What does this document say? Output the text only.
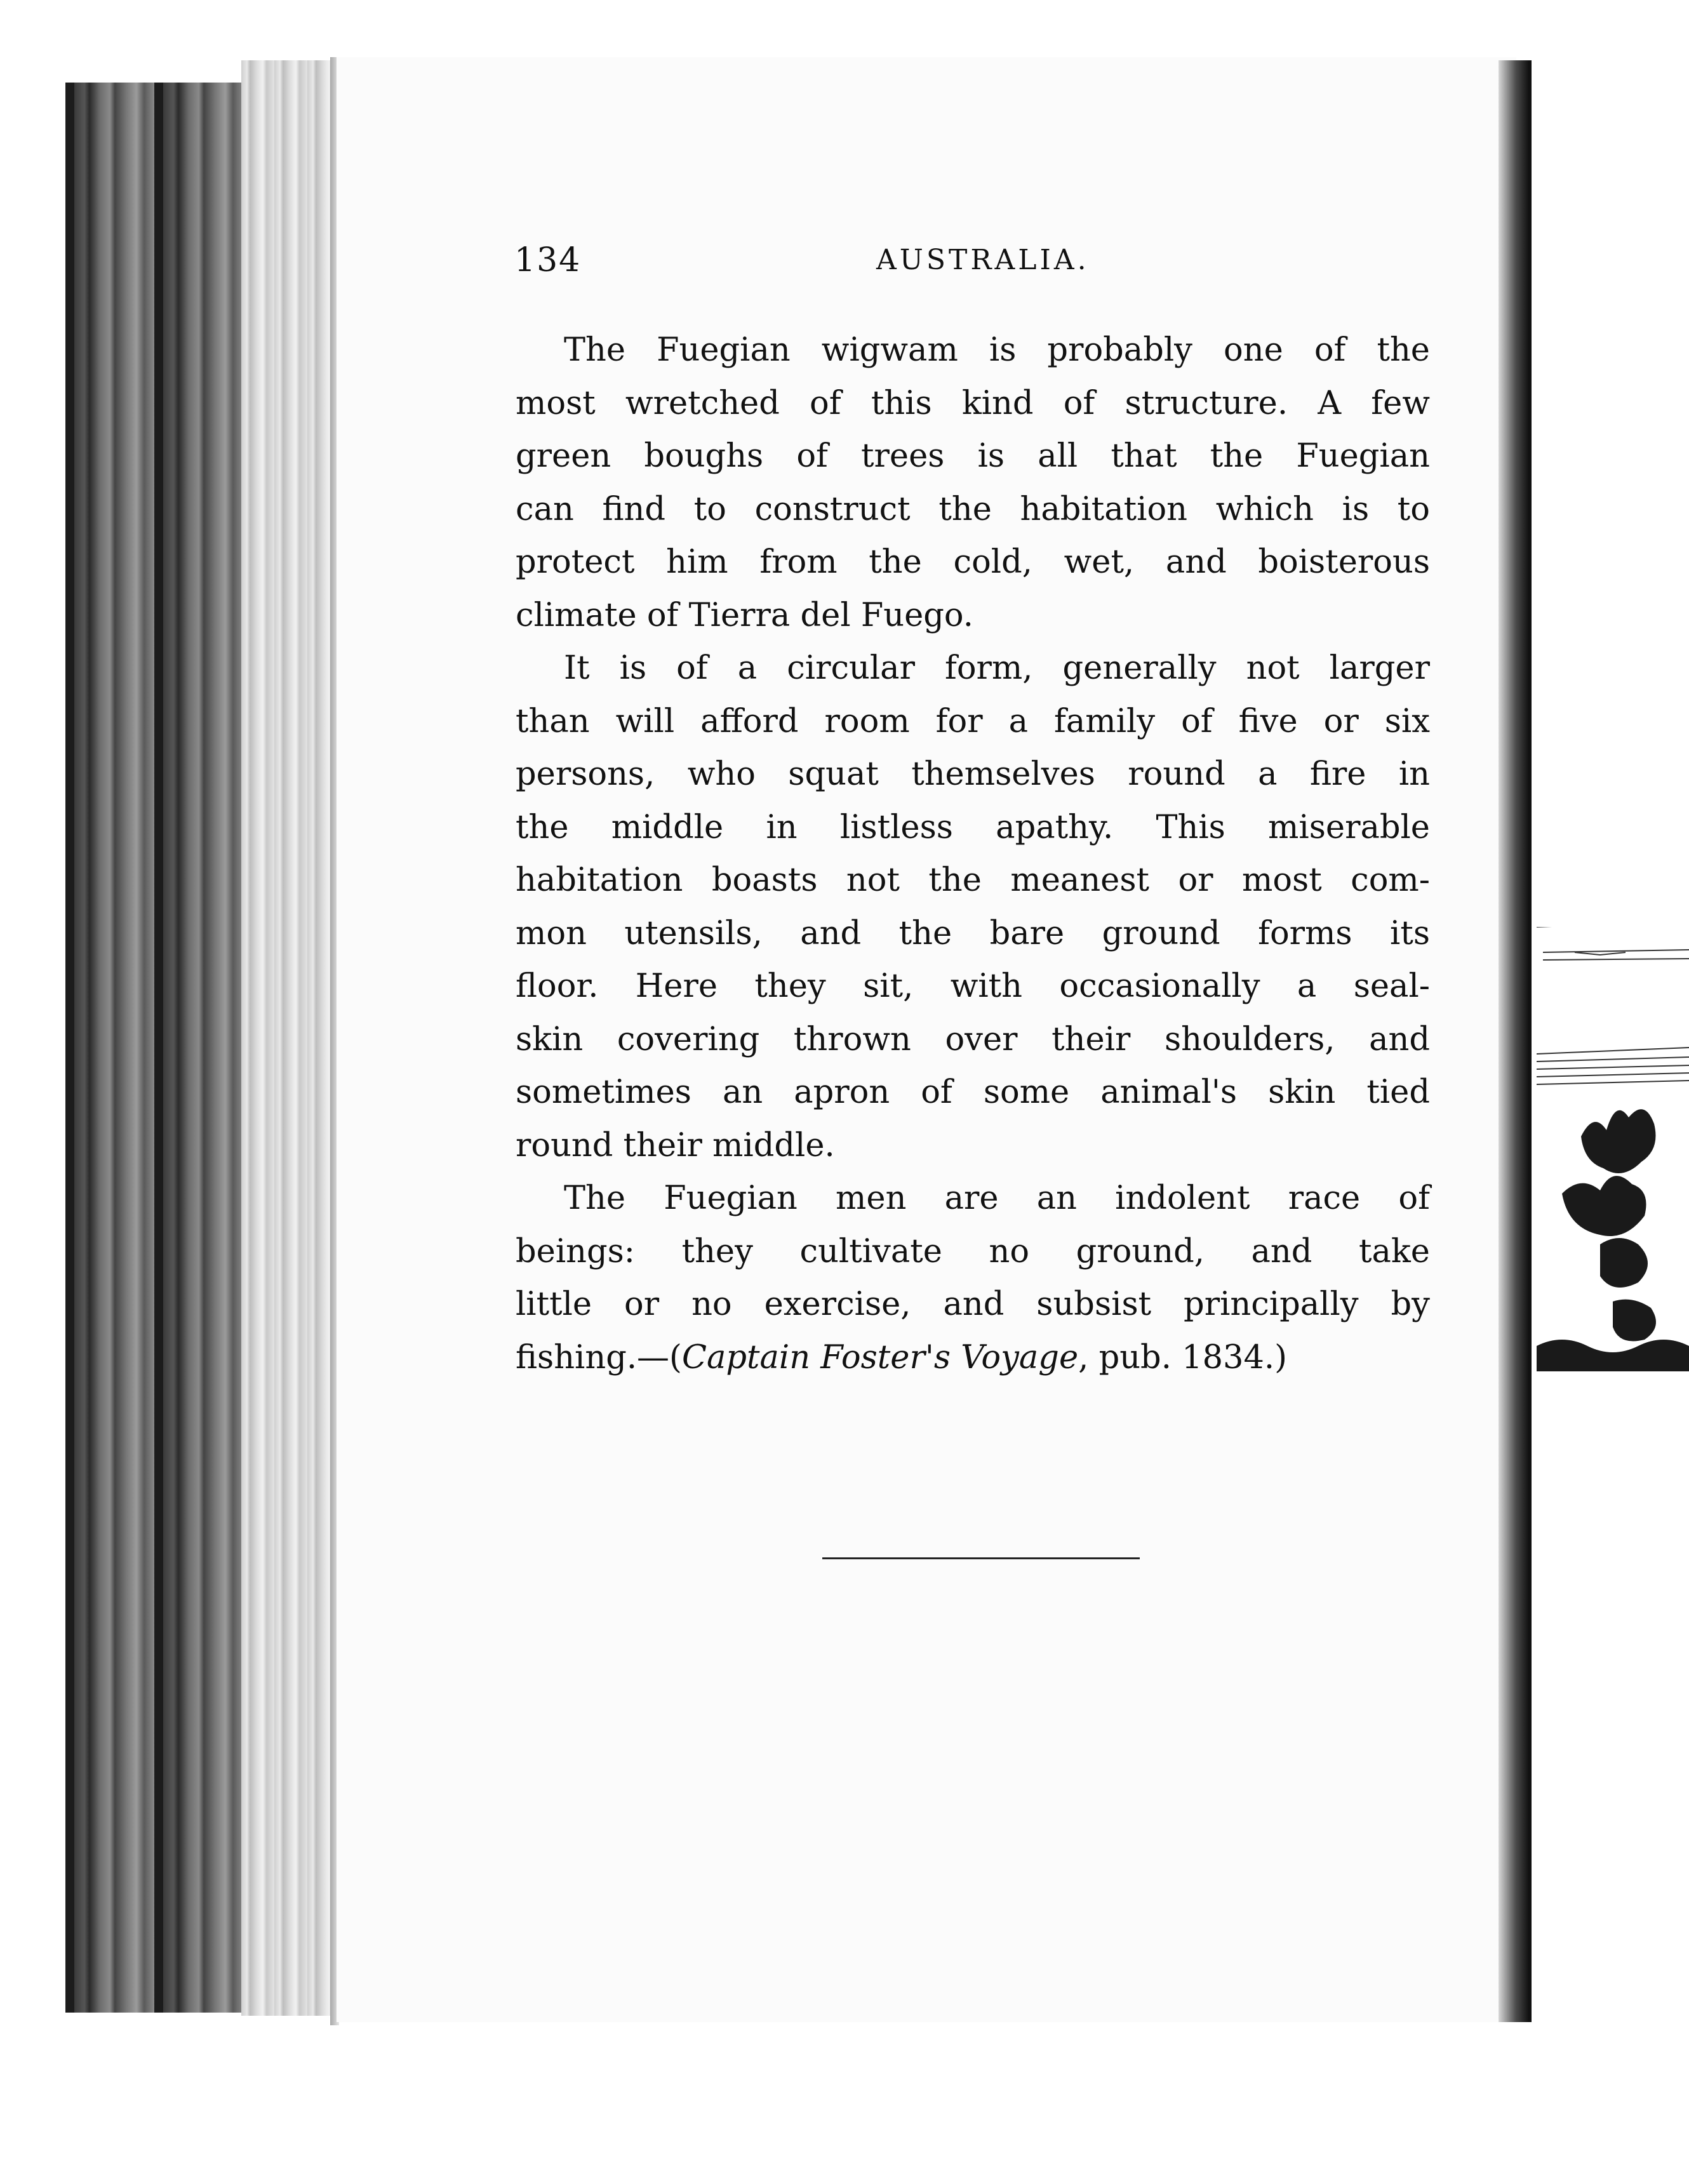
134	AUSTRALIA.
The Fuegian wigwam is probably one of the
most wretched of this kind of structure. A few
green boughs of trees is all that the Fuegian
can find to construct the habitation which is to
protect him from the cold, wet, and boisterous
climate of Tierra del Fuego.
It is of a circular form, generally not larger
than will afford room for a family of five or six
persons, who squat themselves round a fire in
the middle in listless apathy. This miserable
habitation boasts not the meanest or most com-
mon utensils, and the bare ground forms its
floor. Here they sit, with occasionally a seal-
skin covering thrown over their shoulders, and
sometimes an apron of some animal's skin tied
round their middle.
The Fuegian men are an indolent race of
beings: they cultivate no ground, and take
little or no exercise, and subsist principally by
fishing.—(Captain Foster's Voyage, pub. 1834.)
